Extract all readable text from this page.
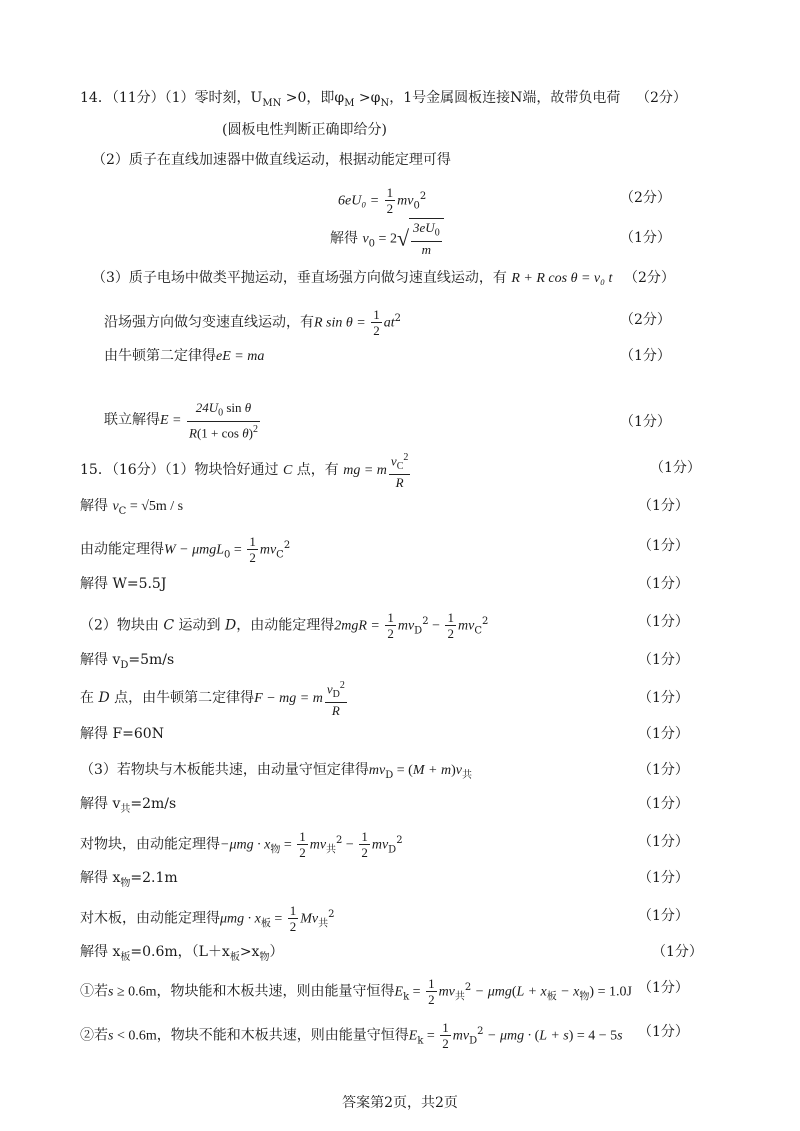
14．（11分）（1）零时刻，$U_{MN} >0$，即$\varphi_M >\varphi_N$，1号金属圆板连接N端，故带负电荷 （2分）
(圆板电性判断正确即给分)
（2）质子在直线加速器中做直线运动，根据动能定理可得
$6eU_0 = \frac{1}{2} mv_0^2$	（2分）
解得 $v_0 = 2√ \frac{3eU_0}{m}$	（1分）
（3）质子电场中做类平抛运动，垂直场强方向做匀速直线运动，有 R + R cos θ = v₀ t （2分）
沿场强方向做匀变速直线运动，有R $\sin \theta = \frac{1}{2} at^2$	（2分）
由牛顿第二定律得eE = ma	（1分）
联立解得$E = \frac{24U_0 \sin \theta}{R(1 + \cos \theta)^2}$	（1分）
15．（16分）（1）物块恰好通过 C 点，有 mg = m $\frac{v_C^2}{R}$	（1分）
解得 $v_C = √5m / s$	（1分）
由动能定理得$W - \mu mgL_0 = \frac{1}{2} mv_C^2$	（1分）
解得 W=5.5J	（1分）
（2）物块由 C 运动到 D，由动能定理得$2mgR = \frac{1}{2} mv_D^2 - \frac{1}{2} mv_C^2$	（1分）
解得 $v_D=5m/s$	（1分）
在 D 点，由牛顿第二定律得F − mg = m $\frac{v_D^2}{R}$	（1分）
解得 F=60N	（1分）
（3）若物块与木板能共速，由动量守恒定律得$mv_D = (M + m)v_共$	（1分）
解得 $v_共=2m/s$	（1分）
对物块，由动能定理得$-\mu mg \cdot x_物 = \frac{1}{2} mv_共^2 - \frac{1}{2} mv_D^2$	（1分）
解得 $x_物=2.1m$	（1分）
对木板，由动能定理得$\mu mg \cdot x_板 = \frac{1}{2} Mv_共^2$	（1分）
解得 $x_板=0.6m$，$(L+x_板>x_物)$	（1分）
①若s ≥ 0.6m，物块能和木板共速，则由能量守恒得$E_k = \frac{1}{2} mv_共^2 - \mu mg(L + x_板 - x_物) = 1.0J$ （1分）
②若s < 0.6m，物块不能和木板共速，则由能量守恒得$E_k = \frac{1}{2} mv_D^2 - \mu mg \cdot (L + s) = 4 - 5s$ （1分）
答案第2页，共2页
